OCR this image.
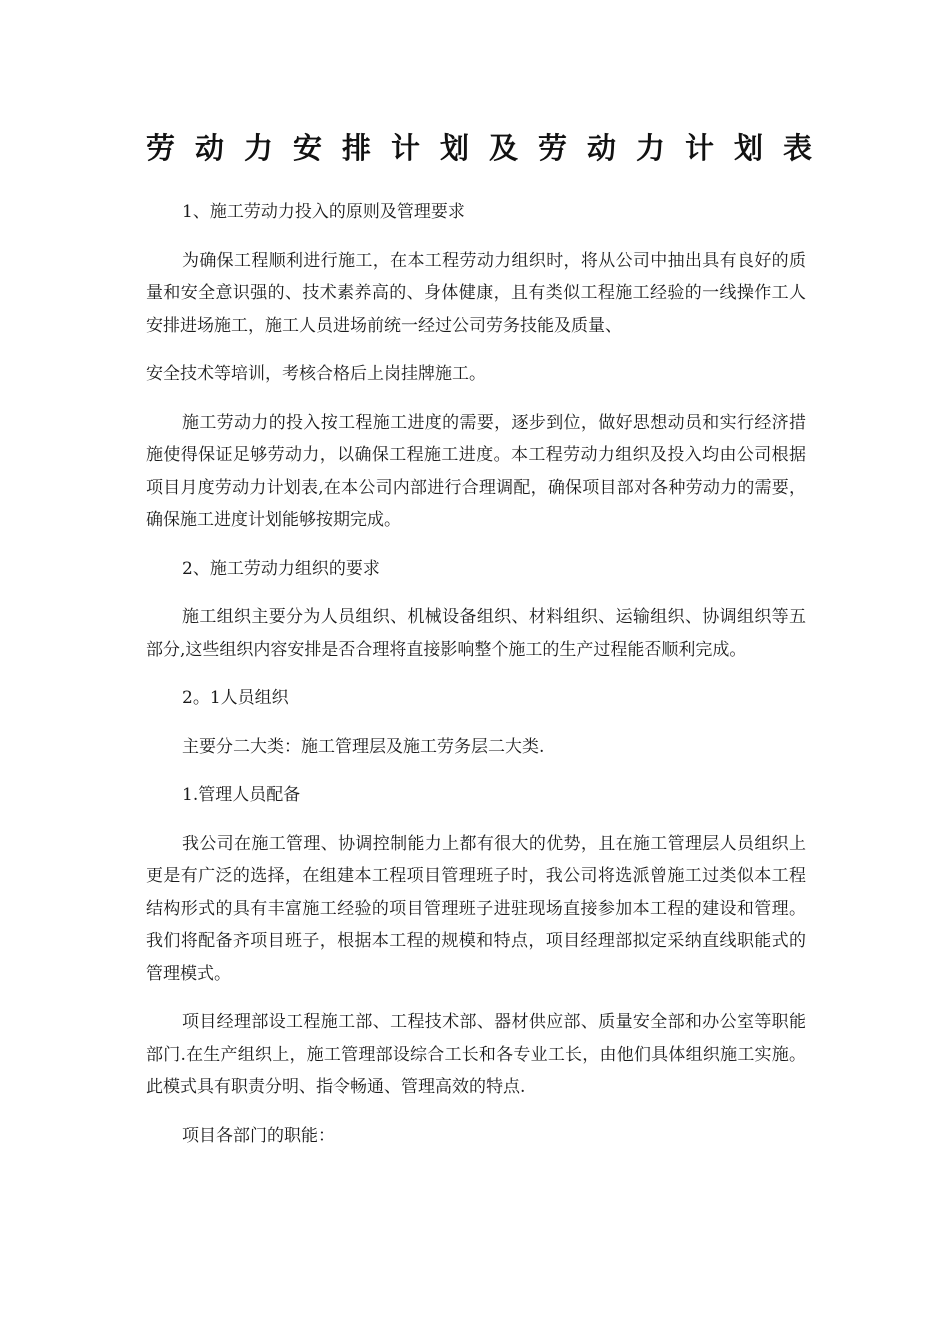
劳动力安排计划及劳动力计划表

1、施工劳动力投入的原则及管理要求

为确保工程顺利进行施工，在本工程劳动力组织时，将从公司中抽出具有良好的质量和安全意识强的、技术素养高的、身体健康，且有类似工程施工经验的一线操作工人安排进场施工，施工人员进场前统一经过公司劳务技能及质量、

安全技术等培训，考核合格后上岗挂牌施工。

施工劳动力的投入按工程施工进度的需要，逐步到位，做好思想动员和实行经济措施使得保证足够劳动力，以确保工程施工进度。本工程劳动力组织及投入均由公司根据项目月度劳动力计划表,在本公司内部进行合理调配，确保项目部对各种劳动力的需要，确保施工进度计划能够按期完成。

2、施工劳动力组织的要求

施工组织主要分为人员组织、机械设备组织、材料组织、运输组织、协调组织等五部分,这些组织内容安排是否合理将直接影响整个施工的生产过程能否顺利完成。

2。1人员组织

主要分二大类：施工管理层及施工劳务层二大类.

1.管理人员配备

我公司在施工管理、协调控制能力上都有很大的优势，且在施工管理层人员组织上更是有广泛的选择，在组建本工程项目管理班子时，我公司将选派曾施工过类似本工程结构形式的具有丰富施工经验的项目管理班子进驻现场直接参加本工程的建设和管理。我们将配备齐项目班子，根据本工程的规模和特点，项目经理部拟定采纳直线职能式的管理模式。

项目经理部设工程施工部、工程技术部、器材供应部、质量安全部和办公室等职能部门.在生产组织上，施工管理部设综合工长和各专业工长，由他们具体组织施工实施。此模式具有职责分明、指令畅通、管理高效的特点.

项目各部门的职能：
